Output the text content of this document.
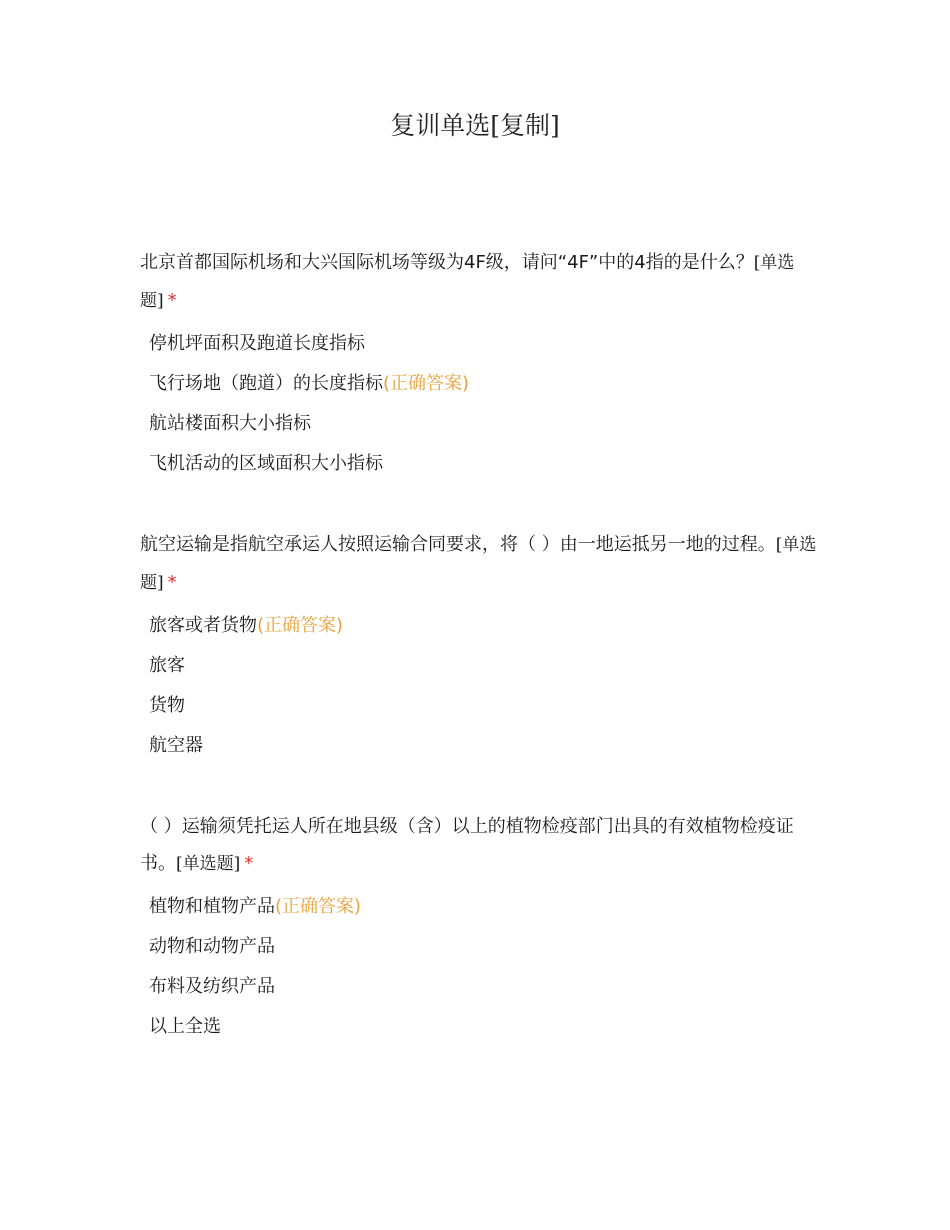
复训单选[复制]

北京首都国际机场和大兴国际机场等级为4F级，请问“4F”中的4指的是什么？[单选题] *

停机坪面积及跑道长度指标
飞行场地（跑道）的长度指标(正确答案)
航站楼面积大小指标
飞机活动的区域面积大小指标

航空运输是指航空承运人按照运输合同要求，将（ ）由一地运抵另一地的过程。[单选题] *

旅客或者货物(正确答案)
旅客
货物
航空器

（ ）运输须凭托运人所在地县级（含）以上的植物检疫部门出具的有效植物检疫证书。[单选题] *

植物和植物产品(正确答案)
动物和动物产品
布料及纺织产品
以上全选
